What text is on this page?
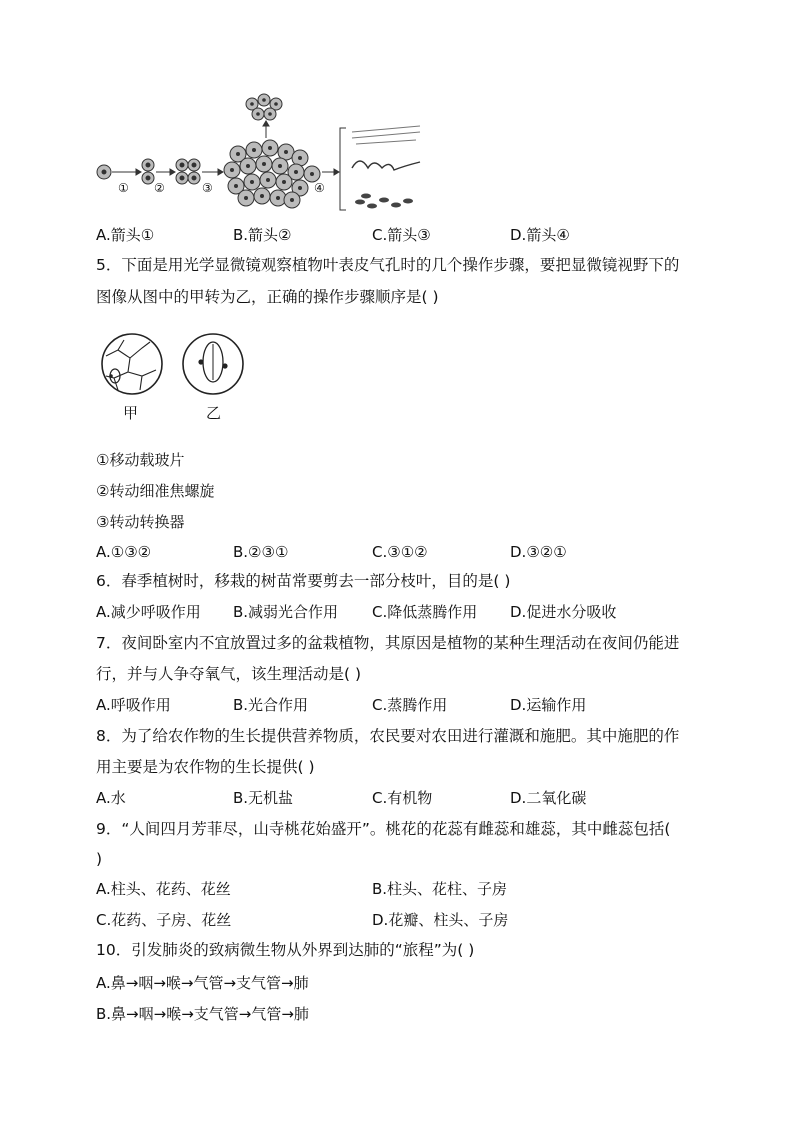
① ②	③	④
A.箭头①	B.箭头②	C.箭头③	D.箭头④
5．下面是用光学显微镜观察植物叶表皮气孔时的几个操作步骤，要把显微镜视野下的
图像从图中的甲转为乙，正确的操作步骤顺序是( )
甲	乙
①移动载玻片
②转动细准焦螺旋
③转动转换器
A.①③②	B.②③①	C.③①②	D.③②①
6．春季植树时，移栽的树苗常要剪去一部分枝叶，目的是( )
A.减少呼吸作用 B.减弱光合作用 C.降低蒸腾作用 D.促进水分吸收
7．夜间卧室内不宜放置过多的盆栽植物，其原因是植物的某种生理活动在夜间仍能进
行，并与人争夺氧气，该生理活动是( )
A.呼吸作用	B.光合作用	C.蒸腾作用	D.运输作用
8．为了给农作物的生长提供营养物质，农民要对农田进行灌溉和施肥。其中施肥的作
用主要是为农作物的生长提供( )
A.水	B.无机盐	C.有机物	D.二氧化碳
9．“人间四月芳菲尽，山寺桃花始盛开”。桃花的花蕊有雌蕊和雄蕊，其中雌蕊包括(
)
A.柱头、花药、花丝	B.柱头、花柱、子房
C.花药、子房、花丝	D.花瓣、柱头、子房
10．引发肺炎的致病微生物从外界到达肺的“旅程”为( )
A.鼻→咽→喉→气管→支气管→肺
B.鼻→咽→喉→支气管→气管→肺
